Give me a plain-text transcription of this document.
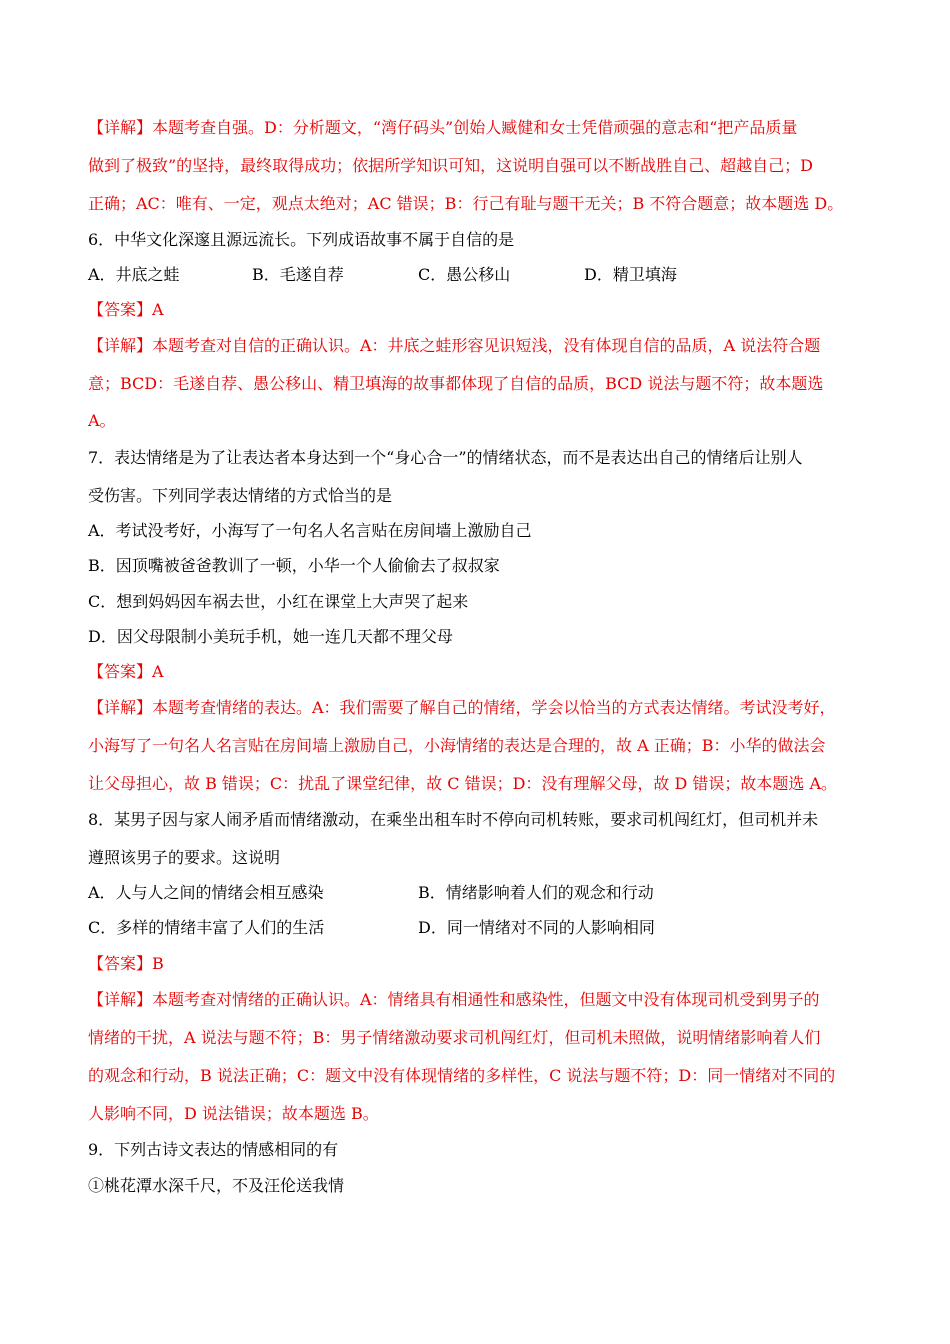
【详解】本题考查自强。D：分析题文，“湾仔码头”创始人臧健和女士凭借顽强的意志和“把产品质量
做到了极致”的坚持，最终取得成功；依据所学知识可知，这说明自强可以不断战胜自己、超越自己；D
正确；AC：唯有、一定，观点太绝对；AC 错误；B：行己有耻与题干无关；B 不符合题意；故本题选 D。
6．中华文化深邃且源远流长。下列成语故事不属于自信的是
A．井底之蛙	B．毛遂自荐	C．愚公移山	D．精卫填海
【答案】A
【详解】本题考查对自信的正确认识。A：井底之蛙形容见识短浅，没有体现自信的品质，A 说法符合题
意；BCD：毛遂自荐、愚公移山、精卫填海的故事都体现了自信的品质，BCD 说法与题不符；故本题选
A。
7．表达情绪是为了让表达者本身达到一个“身心合一”的情绪状态，而不是表达出自己的情绪后让别人
受伤害。下列同学表达情绪的方式恰当的是
A．考试没考好，小海写了一句名人名言贴在房间墙上激励自己
B．因顶嘴被爸爸教训了一顿，小华一个人偷偷去了叔叔家
C．想到妈妈因车祸去世，小红在课堂上大声哭了起来
D．因父母限制小美玩手机，她一连几天都不理父母
【答案】A
【详解】本题考查情绪的表达。A：我们需要了解自己的情绪，学会以恰当的方式表达情绪。考试没考好，
小海写了一句名人名言贴在房间墙上激励自己，小海情绪的表达是合理的，故 A 正确；B：小华的做法会
让父母担心，故 B 错误；C：扰乱了课堂纪律，故 C 错误；D：没有理解父母，故 D 错误；故本题选 A。
8．某男子因与家人闹矛盾而情绪激动，在乘坐出租车时不停向司机转账，要求司机闯红灯，但司机并未
遵照该男子的要求。这说明
A．人与人之间的情绪会相互感染	B．情绪影响着人们的观念和行动
C．多样的情绪丰富了人们的生活	D．同一情绪对不同的人影响相同
【答案】B
【详解】本题考查对情绪的正确认识。A：情绪具有相通性和感染性，但题文中没有体现司机受到男子的
情绪的干扰，A 说法与题不符；B：男子情绪激动要求司机闯红灯，但司机未照做，说明情绪影响着人们
的观念和行动，B 说法正确；C：题文中没有体现情绪的多样性，C 说法与题不符；D：同一情绪对不同的
人影响不同，D 说法错误；故本题选 B。
9．下列古诗文表达的情感相同的有
①桃花潭水深千尺，不及汪伦送我情
